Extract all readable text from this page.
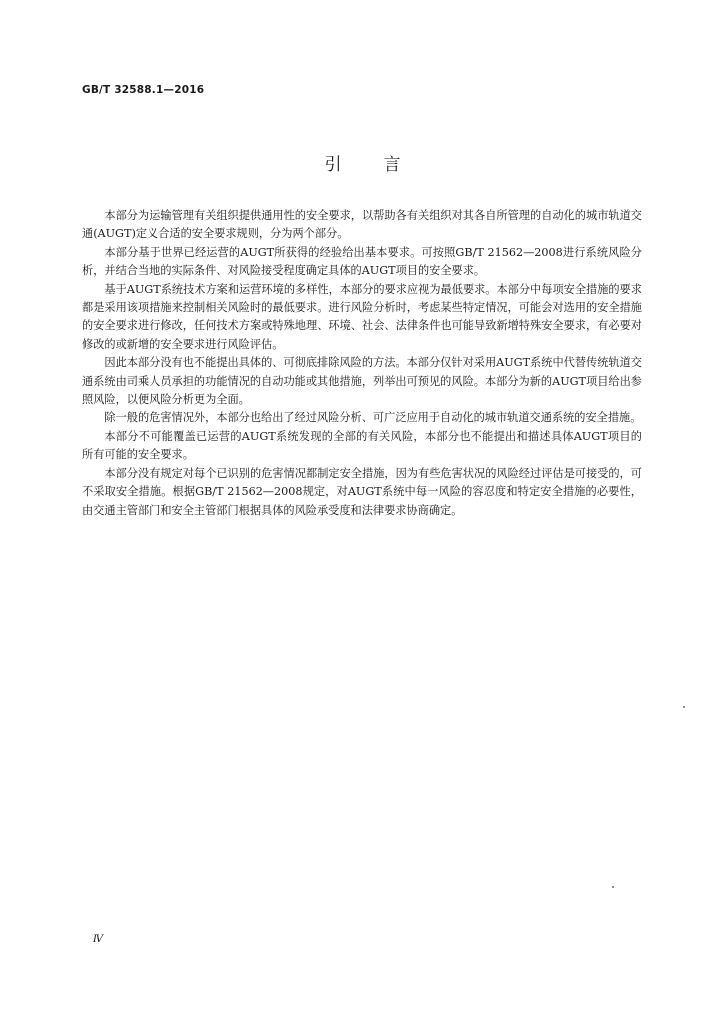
GB/T 32588.1—2016
引言

本部分为运输管理有关组织提供通用性的安全要求，以帮助各有关组织对其各自所管理的自动化的城市轨道交通(AUGT)定义合适的安全要求规则，分为两个部分。

本部分基于世界已经运营的AUGT所获得的经验给出基本要求。可按照GB/T 21562—2008进行系统风险分析，并结合当地的实际条件、对风险接受程度确定具体的AUGT项目的安全要求。

基于AUGT系统技术方案和运营环境的多样性，本部分的要求应视为最低要求。本部分中每项安全措施的要求都是采用该项措施来控制相关风险时的最低要求。进行风险分析时，考虑某些特定情况，可能会对选用的安全措施的安全要求进行修改，任何技术方案或特殊地理、环境、社会、法律条件也可能导致新增特殊安全要求，有必要对修改的或新增的安全要求进行风险评估。

因此本部分没有也不能提出具体的、可彻底排除风险的方法。本部分仅针对采用AUGT系统中代替传统轨道交通系统由司乘人员承担的功能情况的自动功能或其他措施，列举出可预见的风险。本部分为新的AUGT项目给出参照风险，以便风险分析更为全面。

除一般的危害情况外，本部分也给出了经过风险分析、可广泛应用于自动化的城市轨道交通系统的安全措施。

本部分不可能覆盖已运营的AUGT系统发现的全部的有关风险，本部分也不能提出和描述具体AUGT项目的所有可能的安全要求。

本部分没有规定对每个已识别的危害情况都制定安全措施，因为有些危害状况的风险经过评估是可接受的，可不采取安全措施。根据GB/T 21562—2008规定，对AUGT系统中每一风险的容忍度和特定安全措施的必要性，由交通主管部门和安全主管部门根据具体的风险承受度和法律要求协商确定。

Ⅳ
